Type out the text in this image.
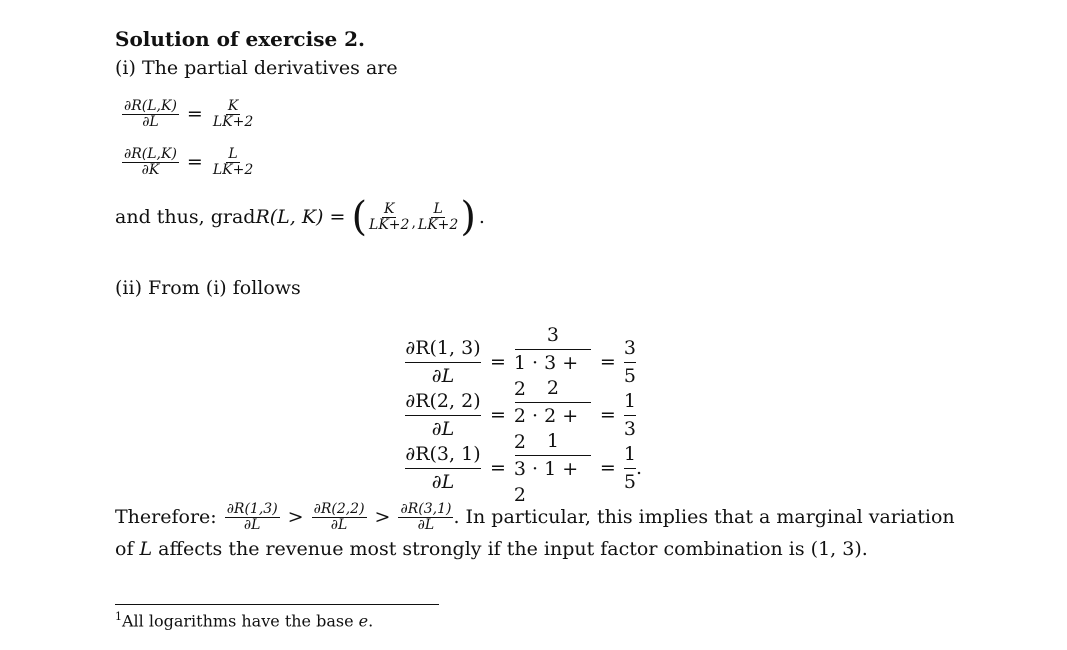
Solution of exercise 2.
(i) The partial derivatives are
$\frac{\partial R(L,K)}{\partial L} = \frac{K}{LK+2}$
$\frac{\partial R(L,K)}{\partial K} = \frac{L}{LK+2}$
and thus, grad R(L, K) = ( $\frac{K}{LK+2}$ , $\frac{L}{LK+2}$ ) .
(ii) From (i) follows
$\frac{\partial R(1, 3)}{\partial L} = \frac{3}{1 \cdot 3 + 2} = \frac{3}{5}$
$\frac{\partial R(2, 2)}{\partial L} = \frac{2}{2 \cdot 2 + 2} = \frac{1}{3}$
$\frac{\partial R(3, 1)}{\partial L} = \frac{1}{3 \cdot 1 + 2} = \frac{1}{5}$ .
Therefore: $\frac{\partial R(1,3)}{\partial L} > \frac{\partial R(2,2)}{\partial L} > \frac{\partial R(3,1)}{\partial L}$ . In particular, this implies that a marginal variation
of L affects the revenue most strongly if the input factor combination is (1, 3).
$^1$All logarithms have the base e.
